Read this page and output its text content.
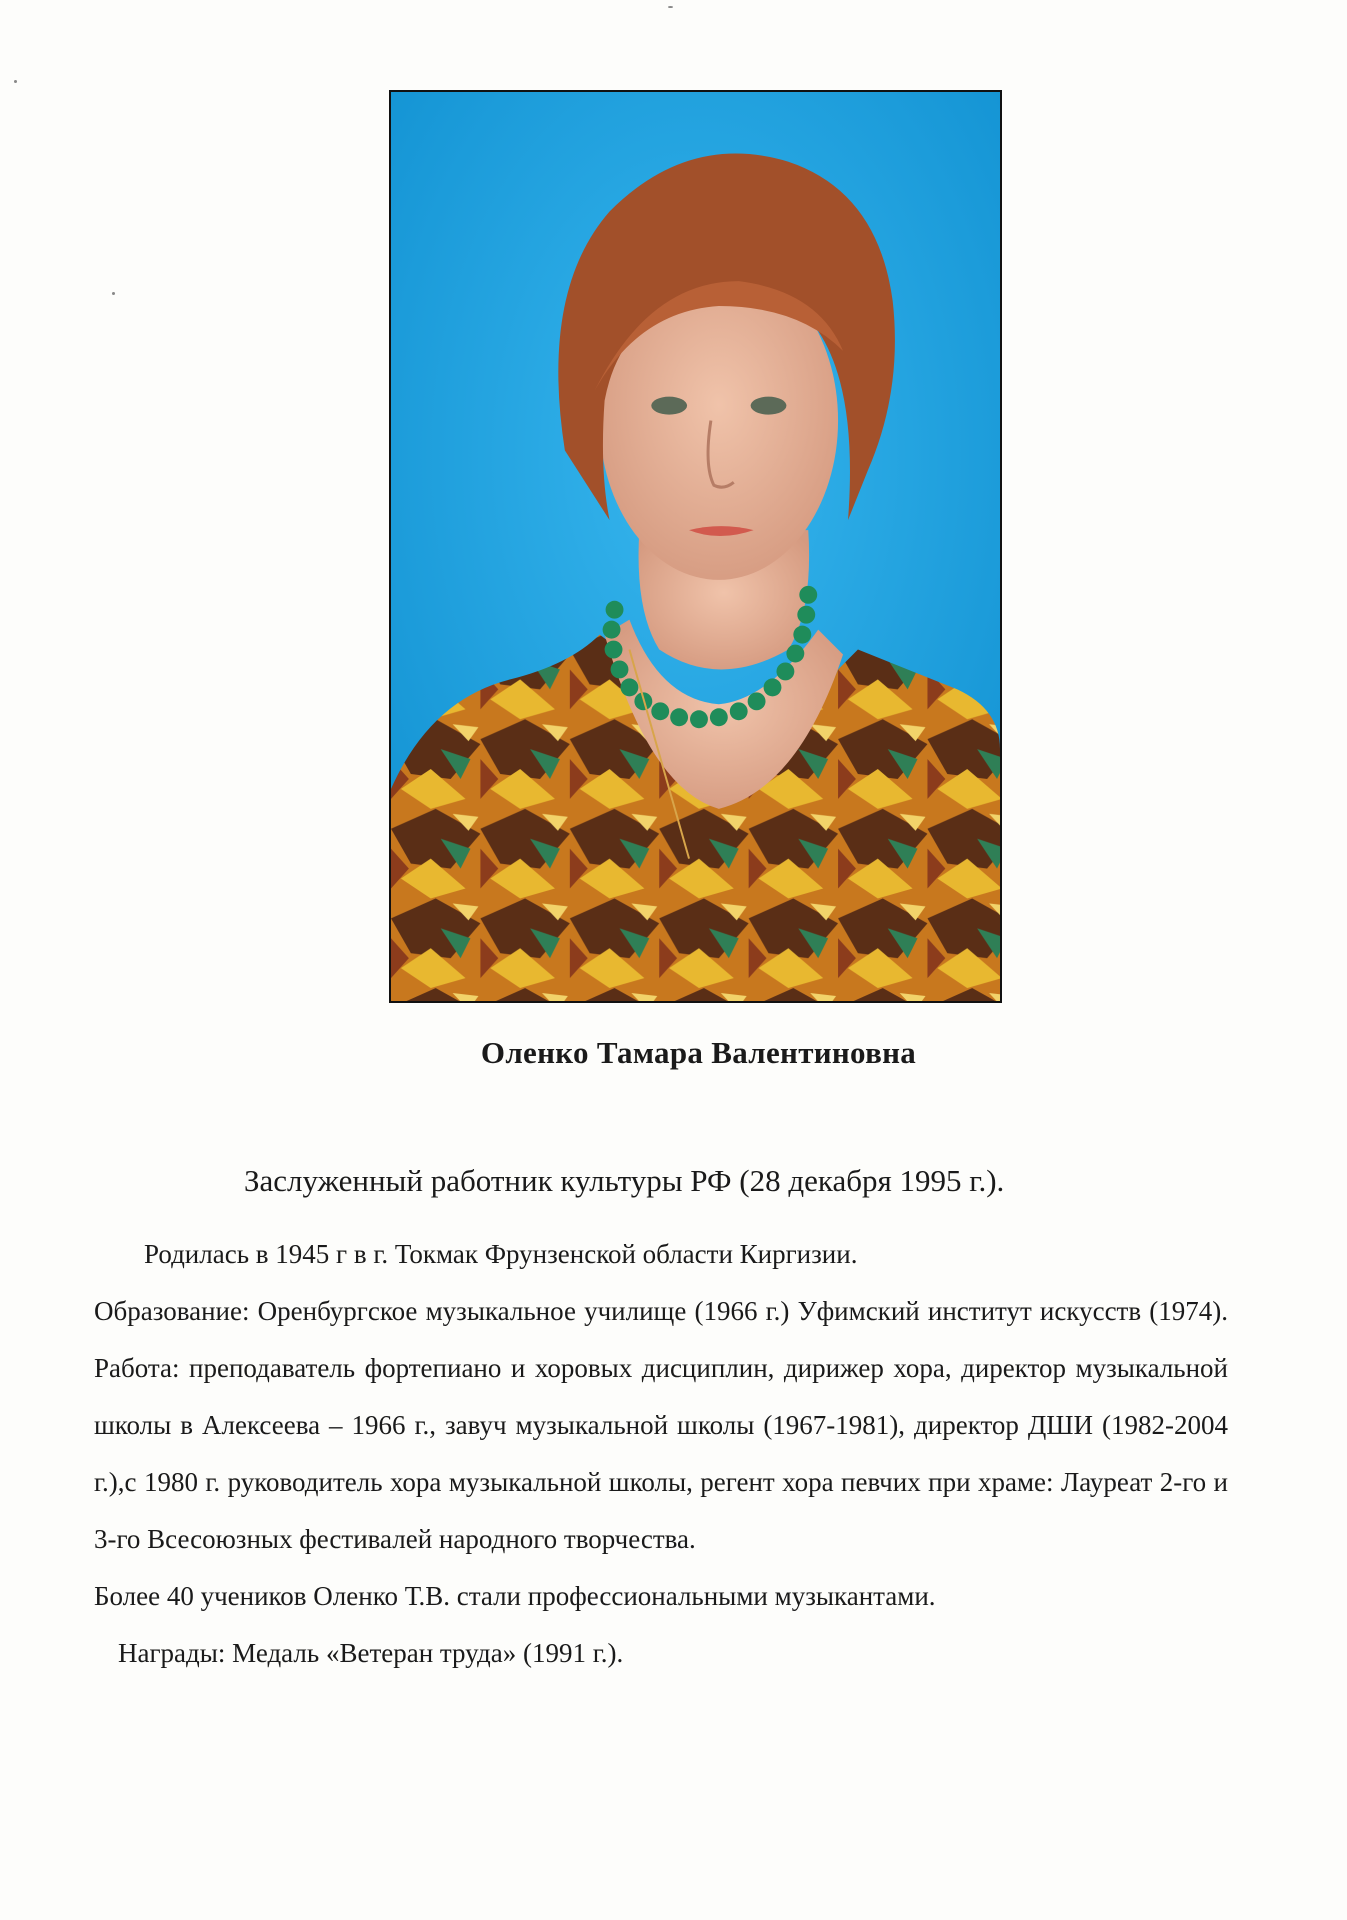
Оленко Тамара Валентиновна
Заслуженный работник культуры РФ (28 декабря 1995 г.).

Родилась в 1945 г в г. Токмак Фрунзенской области Киргизии.

Образование: Оренбургское музыкальное училище (1966 г.) Уфимский институт искусств (1974). Работа: преподаватель фортепиано и хоровых дисциплин, дирижер хора, директор музыкальной школы в Алексеева – 1966 г., завуч музыкальной школы (1967-1981), директор ДШИ (1982-2004 г.),с 1980 г. руководитель хора музыкальной школы, регент хора певчих при храме: Лауреат 2-го и 3-го Всесоюзных фестивалей народного творчества.

Более 40 учеников Оленко Т.В. стали профессиональными музыкантами.

Награды: Медаль «Ветеран труда» (1991 г.).
